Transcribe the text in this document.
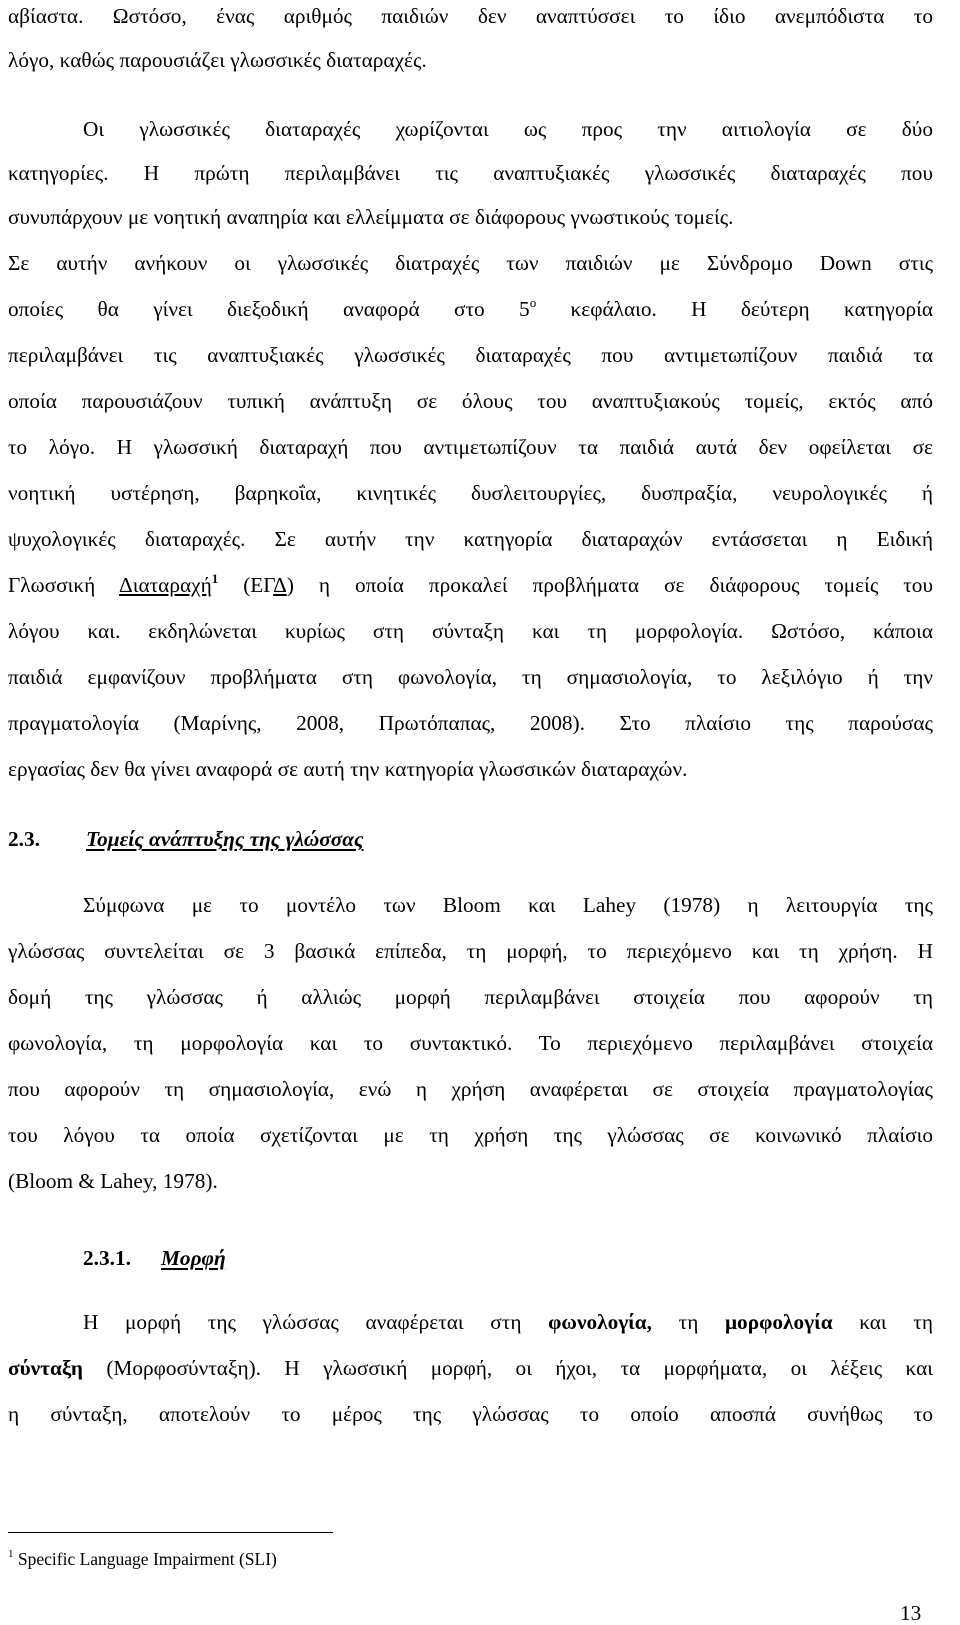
αβίαστα. Ωστόσο, ένας αριθμός παιδιών δεν αναπτύσσει το ίδιο ανεμπόδιστα το
λόγο, καθώς παρουσιάζει γλωσσικές διαταραχές.
Οι γλωσσικές διαταραχές χωρίζονται ως προς την αιτιολογία σε δύο
κατηγορίες. Η πρώτη περιλαμβάνει τις αναπτυξιακές γλωσσικές διαταραχές που
συνυπάρχουν με νοητική αναπηρία και ελλείμματα σε διάφορους γνωστικούς τομείς.
Σε αυτήν ανήκουν οι γλωσσικές διατραχές των παιδιών με Σύνδρομο Down στις
οποίες θα γίνει διεξοδική αναφορά στο $5^o$ κεφάλαιο. Η δεύτερη κατηγορία
περιλαμβάνει τις αναπτυξιακές γλωσσικές διαταραχές που αντιμετωπίζουν παιδιά τα
οποία παρουσιάζουν τυπική ανάπτυξη σε όλους του αναπτυξιακούς τομείς, εκτός από
το λόγο. Η γλωσσική διαταραχή που αντιμετωπίζουν τα παιδιά αυτά δεν οφείλεται σε
νοητική υστέρηση, βαρηκοΐα, κινητικές δυσλειτουργίες, δυσπραξία, νευρολογικές ή
ψυχολογικές διαταραχές. Σε αυτήν την κατηγορία διαταραχών εντάσσεται η Ειδική
Γλωσσική Διαταραχή$^1$ (ΕΓΔ) η οποία προκαλεί προβλήματα σε διάφορους τομείς του
λόγου και. εκδηλώνεται κυρίως στη σύνταξη και τη μορφολογία. Ωστόσο, κάποια
παιδιά εμφανίζουν προβλήματα στη φωνολογία, τη σημασιολογία, το λεξιλόγιο ή την
πραγματολογία (Μαρίνης, 2008, Πρωτόπαπας, 2008). Στο πλαίσιο της παρούσας
εργασίας δεν θα γίνει αναφορά σε αυτή την κατηγορία γλωσσικών διαταραχών.
2.3. Τομείς ανάπτυξης της γλώσσας
Σύμφωνα με το μοντέλο των Bloom και Lahey (1978) η λειτουργία της
γλώσσας συντελείται σε 3 βασικά επίπεδα, τη μορφή, το περιεχόμενο και τη χρήση. Η
δομή της γλώσσας ή αλλιώς μορφή περιλαμβάνει στοιχεία που αφορούν τη
φωνολογία, τη μορφολογία και το συντακτικό. Το περιεχόμενο περιλαμβάνει στοιχεία
που αφορούν τη σημασιολογία, ενώ η χρήση αναφέρεται σε στοιχεία πραγματολογίας
του λόγου τα οποία σχετίζονται με τη χρήση της γλώσσας σε κοινωνικό πλαίσιο
(Bloom & Lahey, 1978).
2.3.1. Μορφή
Η μορφή της γλώσσας αναφέρεται στη φωνολογία, τη μορφολογία και τη
σύνταξη (Μορφοσύνταξη). Η γλωσσική μορφή, οι ήχοι, τα μορφήματα, οι λέξεις και
η σύνταξη, αποτελούν το μέρος της γλώσσας το οποίο αποσπά συνήθως το
$^1$ Specific Language Impairment (SLI)
13
